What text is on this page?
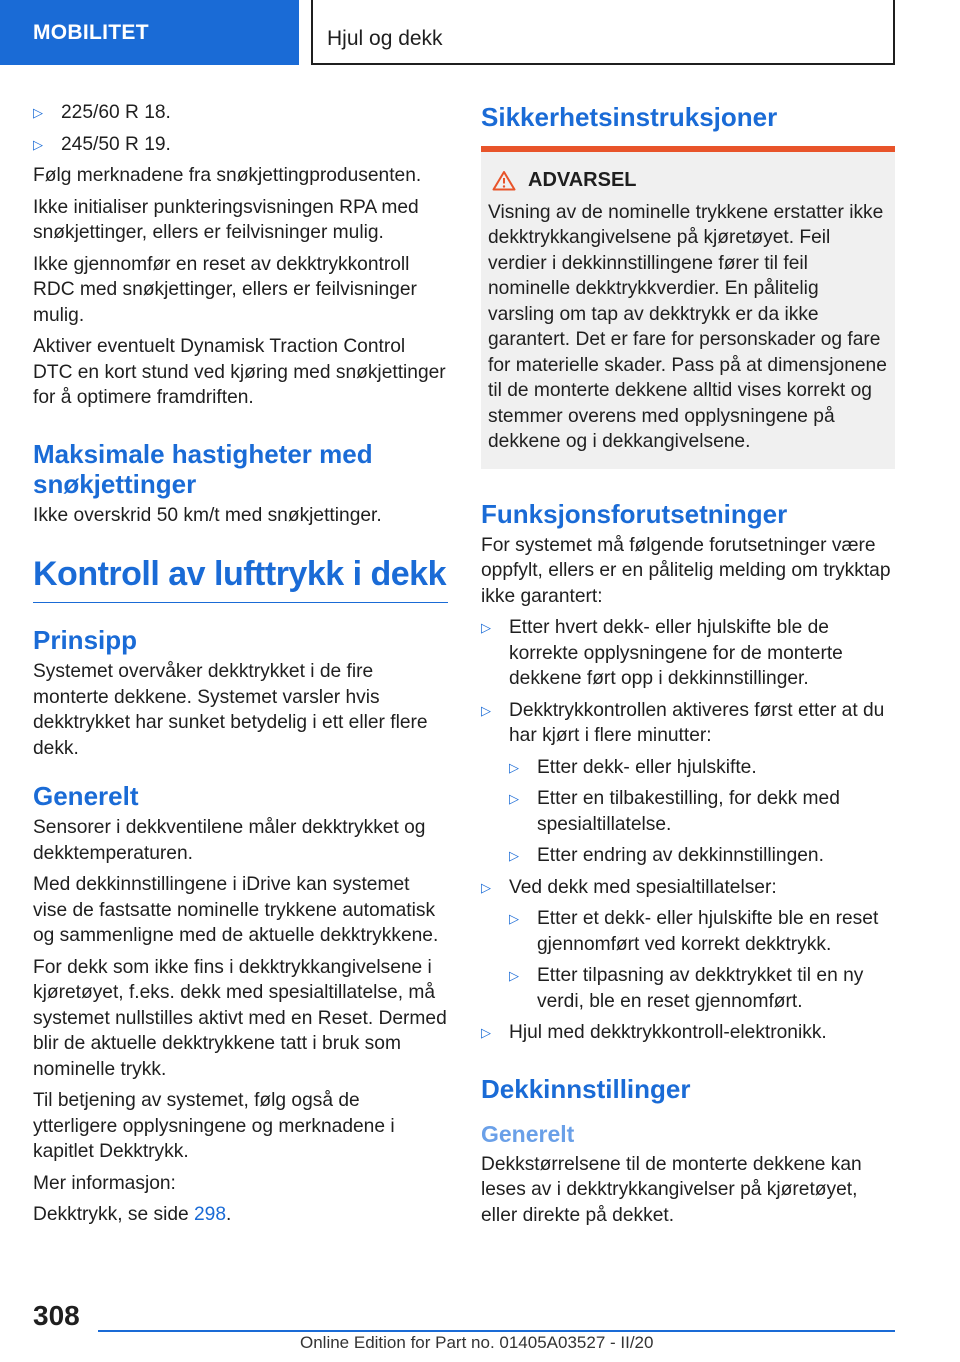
MOBILITET	Hjul og dekk
▷ 225/60 R 18.
▷ 245/50 R 19.

Følg merknadene fra snøkjettingprodusenten.

Ikke initialiser punkteringsvisningen RPA med snøkjettinger, ellers er feilvisninger mulig.

Ikke gjennomfør en reset av dekktrykkontroll RDC med snøkjettinger, ellers er feilvisninger mulig.

Aktiver eventuelt Dynamisk Traction Control DTC en kort stund ved kjøring med snøkjettinger for å optimere framdriften.

Maksimale hastigheter med snøkjettinger

Ikke overskrid 50 km/t med snøkjettinger.

Kontroll av lufttrykk i dekk
Prinsipp

Systemet overvåker dekktrykket i de fire monterte dekkene. Systemet varsler hvis dekktrykket har sunket betydelig i ett eller flere dekk.

Generelt

Sensorer i dekkventilene måler dekktrykket og dekktemperaturen.

Med dekkinnstillingene i iDrive kan systemet vise de fastsatte nominelle trykkene automatisk og sammenligne med de aktuelle dekktrykkene.

For dekk som ikke fins i dekktrykkangivelsene i kjøretøyet, f.eks. dekk med spesialtillatelse, må systemet nullstilles aktivt med en Reset. Dermed blir de aktuelle dekktrykkene tatt i bruk som nominelle trykk.

Til betjening av systemet, følg også de ytterligere opplysningene og merknadene i kapitlet Dekktrykk.

Mer informasjon:

Dekktrykk, se side 298.

Sikkerhetsinstruksjoner
ADVARSEL

Visning av de nominelle trykkene erstatter ikke dekktrykkangivelsene på kjøretøyet. Feil verdier i dekkinnstillingene fører til feil nominelle dekktrykkverdier. En pålitelig varsling om tap av dekktrykk er da ikke garantert. Det er fare for personskader og fare for materielle skader. Pass på at dimensjonene til de monterte dekkene alltid vises korrekt og stemmer overens med opplysningene på dekkene og i dekkangivelsene.

Funksjonsforutsetninger

For systemet må følgende forutsetninger være oppfylt, ellers er en pålitelig melding om trykktap ikke garantert:

▷ Etter hvert dekk- eller hjulskifte ble de korrekte opplysningene for de monterte dekkene ført opp i dekkinnstillinger.
▷ Dekktrykkontrollen aktiveres først etter at du har kjørt i flere minutter:
▷ Etter dekk- eller hjulskifte.
▷ Etter en tilbakestilling, for dekk med spesialtillatelse.
▷ Etter endring av dekkinnstillingen.
▷ Ved dekk med spesialtillatelser:
▷ Etter et dekk- eller hjulskifte ble en reset gjennomført ved korrekt dekktrykk.
▷ Etter tilpasning av dekktrykket til en ny verdi, ble en reset gjennomført.
▷ Hjul med dekktrykkontroll-elektronikk.
Dekkinnstillinger
Generelt

Dekkstørrelsene til de monterte dekkene kan leses av i dekktrykkangivelser på kjøretøyet, eller direkte på dekket.

308
Online Edition for Part no. 01405A03527 - II/20
